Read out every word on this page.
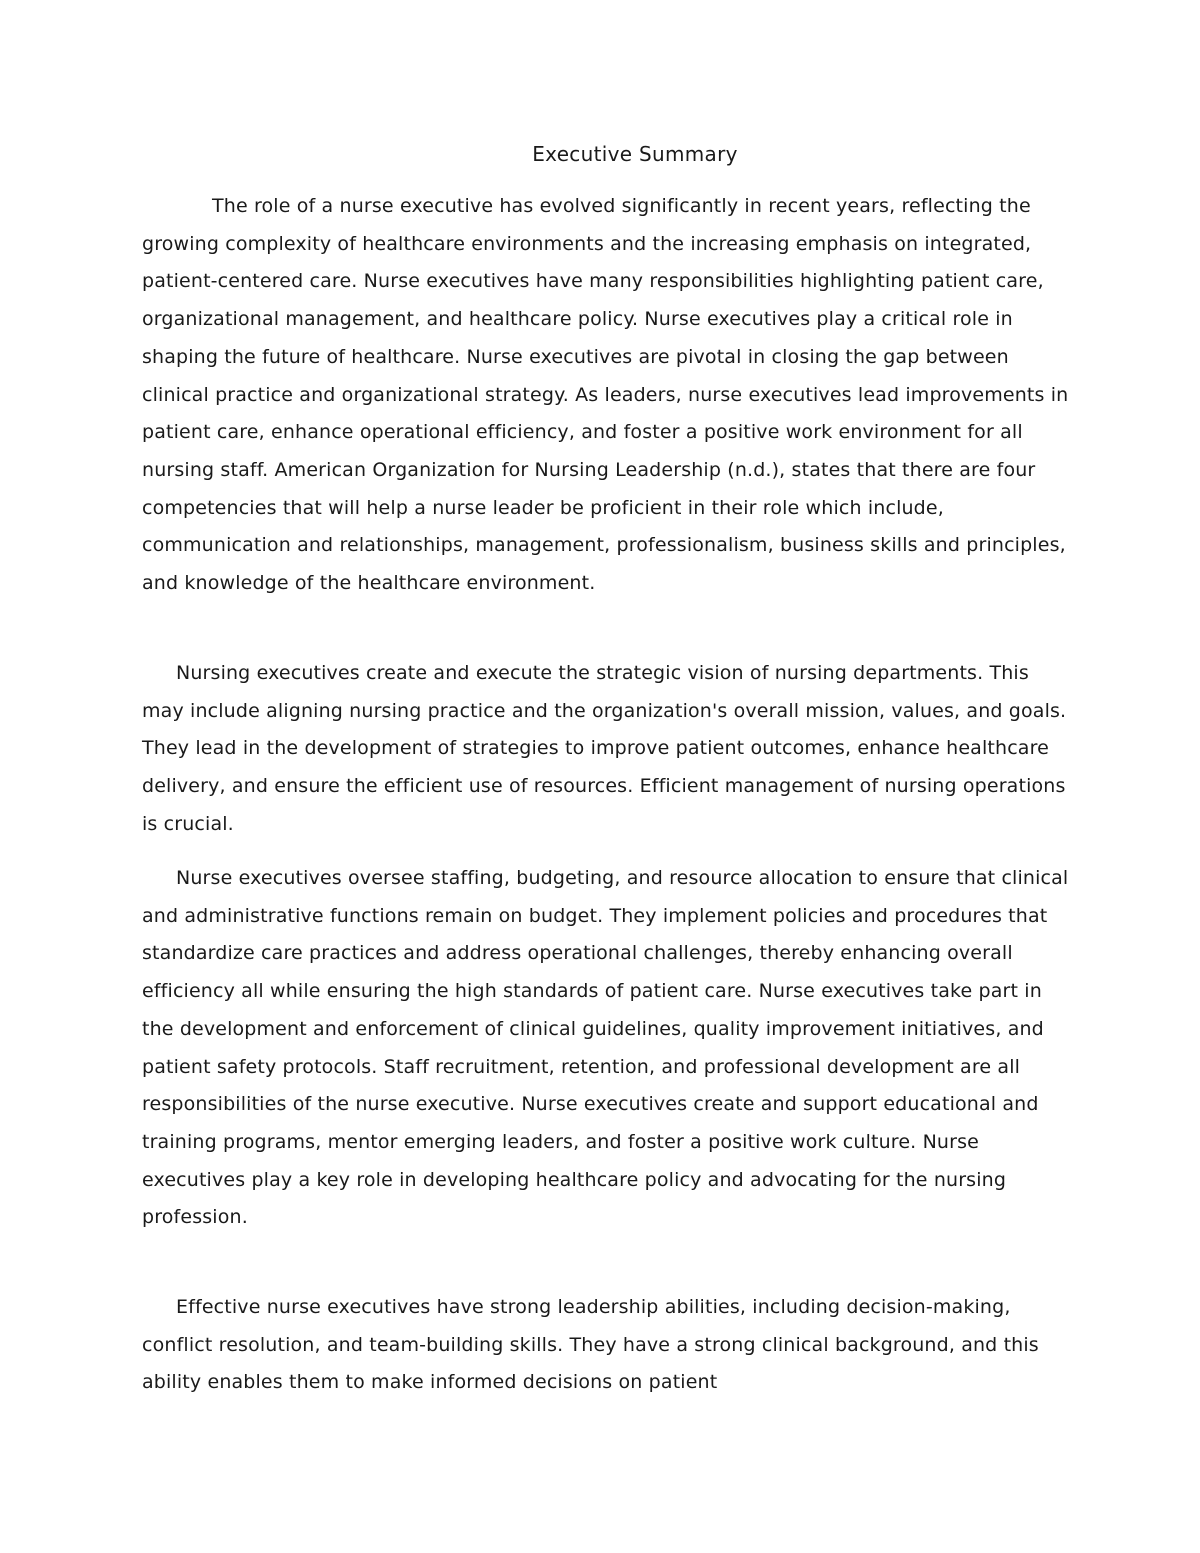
Executive Summary

The role of a nurse executive has evolved significantly in recent years, reflecting the growing complexity of healthcare environments and the increasing emphasis on integrated, patient-centered care. Nurse executives have many responsibilities highlighting patient care, organizational management, and healthcare policy. Nurse executives play a critical role in shaping the future of healthcare. Nurse executives are pivotal in closing the gap between clinical practice and organizational strategy. As leaders, nurse executives lead improvements in patient care, enhance operational efficiency, and foster a positive work environment for all nursing staff. American Organization for Nursing Leadership (n.d.), states that there are four competencies that will help a nurse leader be proficient in their role which include, communication and relationships, management, professionalism, business skills and principles, and knowledge of the healthcare environment.

Nursing executives create and execute the strategic vision of nursing departments. This may include aligning nursing practice and the organization's overall mission, values, and goals. They lead in the development of strategies to improve patient outcomes, enhance healthcare delivery, and ensure the efficient use of resources. Efficient management of nursing operations is crucial.

Nurse executives oversee staffing, budgeting, and resource allocation to ensure that clinical and administrative functions remain on budget. They implement policies and procedures that standardize care practices and address operational challenges, thereby enhancing overall efficiency all while ensuring the high standards of patient care. Nurse executives take part in the development and enforcement of clinical guidelines, quality improvement initiatives, and patient safety protocols. Staff recruitment, retention, and professional development are all responsibilities of the nurse executive. Nurse executives create and support educational and training programs, mentor emerging leaders, and foster a positive work culture. Nurse executives play a key role in developing healthcare policy and advocating for the nursing profession.

Effective nurse executives have strong leadership abilities, including decision-making, conflict resolution, and team-building skills. They have a strong clinical background, and this ability enables them to make informed decisions on patient
